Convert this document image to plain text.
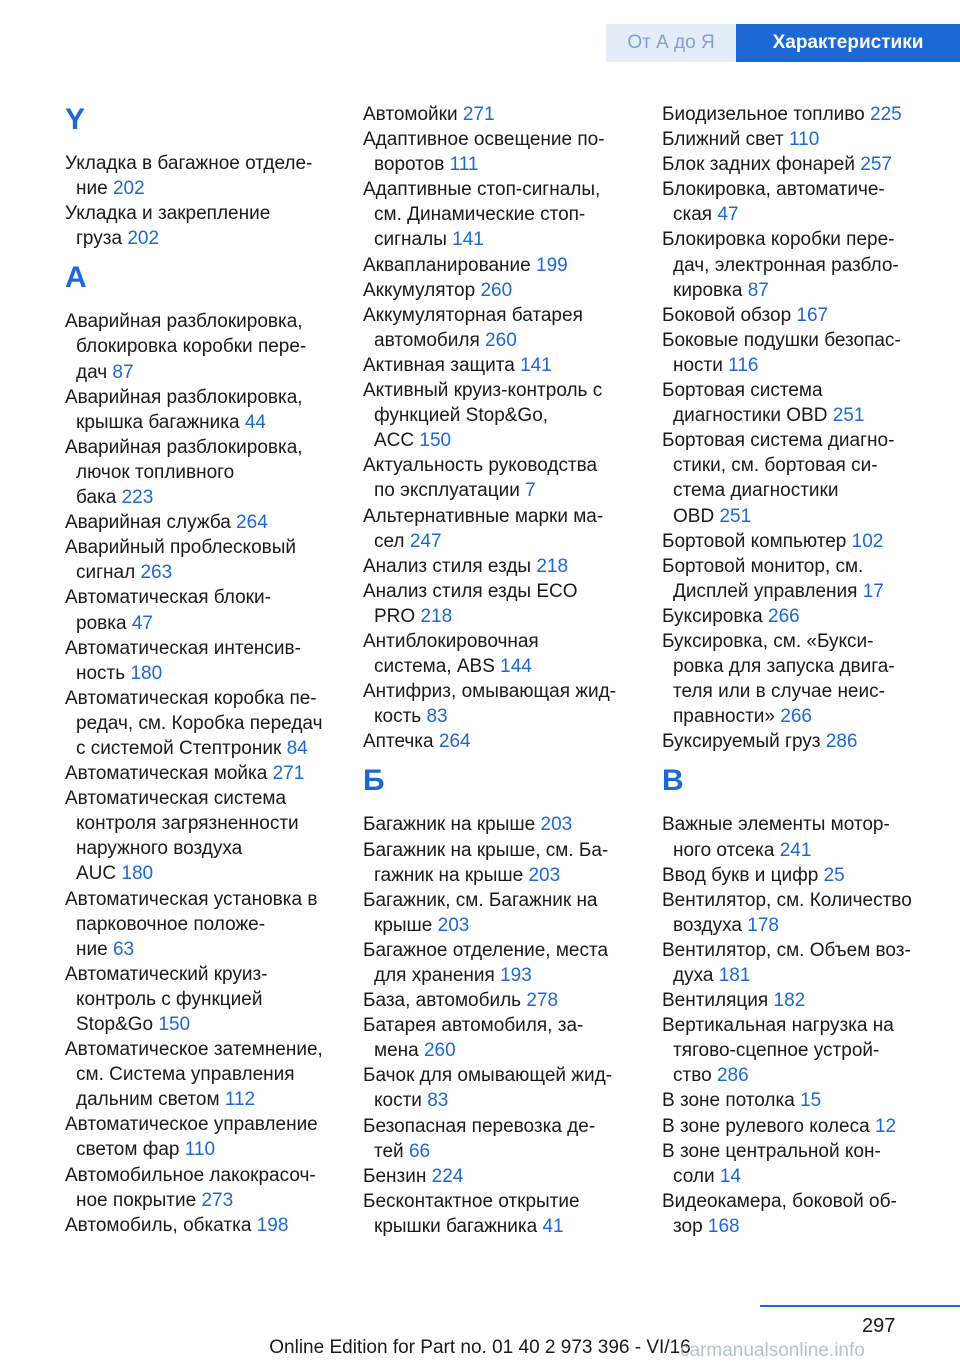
От А до Я	Характеристики
Y
Укладка в багажное отделе-
ние 202
Укладка и закрепление
груза 202
А
Аварийная разблокировка,
блокировка коробки пере-
дач 87
Аварийная разблокировка,
крышка багажника 44
Аварийная разблокировка,
лючок топливного
бака 223
Аварийная служба 264
Аварийный проблесковый
сигнал 263
Автоматическая блоки-
ровка 47
Автоматическая интенсив-
ность 180
Автоматическая коробка пе-
редач, см. Коробка передач
с системой Стептроник 84
Автоматическая мойка 271
Автоматическая система
контроля загрязненности
наружного воздуха
AUC 180
Автоматическая установка в
парковочное положе-
ние 63
Автоматический круиз-
контроль с функцией
Stop&Go 150
Автоматическое затемнение,
см. Система управления
дальним светом 112
Автоматическое управление
светом фар 110
Автомобильное лакокрасоч-
ное покрытие 273
Автомобиль, обкатка 198
Автомойки 271
Адаптивное освещение по-
воротов 111
Адаптивные стоп-сигналы,
см. Динамические стоп-
сигналы 141
Аквапланирование 199
Аккумулятор 260
Аккумуляторная батарея
автомобиля 260
Активная защита 141
Активный круиз-контроль с
функцией Stop&Go,
ACC 150
Актуальность руководства
по эксплуатации 7
Альтернативные марки ма-
сел 247
Анализ стиля езды 218
Анализ стиля езды ECO
PRO 218
Антиблокировочная
система, ABS 144
Антифриз, омывающая жид-
кость 83
Аптечка 264
Б
Багажник на крыше 203
Багажник на крыше, см. Ба-
гажник на крыше 203
Багажник, см. Багажник на
крыше 203
Багажное отделение, места
для хранения 193
База, автомобиль 278
Батарея автомобиля, за-
мена 260
Бачок для омывающей жид-
кости 83
Безопасная перевозка де-
тей 66
Бензин 224
Бесконтактное открытие
крышки багажника 41
Биодизельное топливо 225
Ближний свет 110
Блок задних фонарей 257
Блокировка, автоматиче-
ская 47
Блокировка коробки пере-
дач, электронная разбло-
кировка 87
Боковой обзор 167
Боковые подушки безопас-
ности 116
Бортовая система
диагностики OBD 251
Бортовая система диагно-
стики, см. бортовая си-
стема диагностики
OBD 251
Бортовой компьютер 102
Бортовой монитор, см.
Дисплей управления 17
Буксировка 266
Буксировка, см. «Букси-
ровка для запуска двига-
теля или в случае неис-
правности» 266
Буксируемый груз 286
В
Важные элементы мотор-
ного отсека 241
Ввод букв и цифр 25
Вентилятор, см. Количество
воздуха 178
Вентилятор, см. Объем воз-
духа 181
Вентиляция 182
Вертикальная нагрузка на
тягово-сцепное устрой-
ство 286
В зоне потолка 15
В зоне рулевого колеса 12
В зоне центральной кон-
соли 14
Видеокамера, боковой об-
зор 168
297
Online Edition for Part no. 01 40 2 973 396 - VI/16
carmanualsonline.info
